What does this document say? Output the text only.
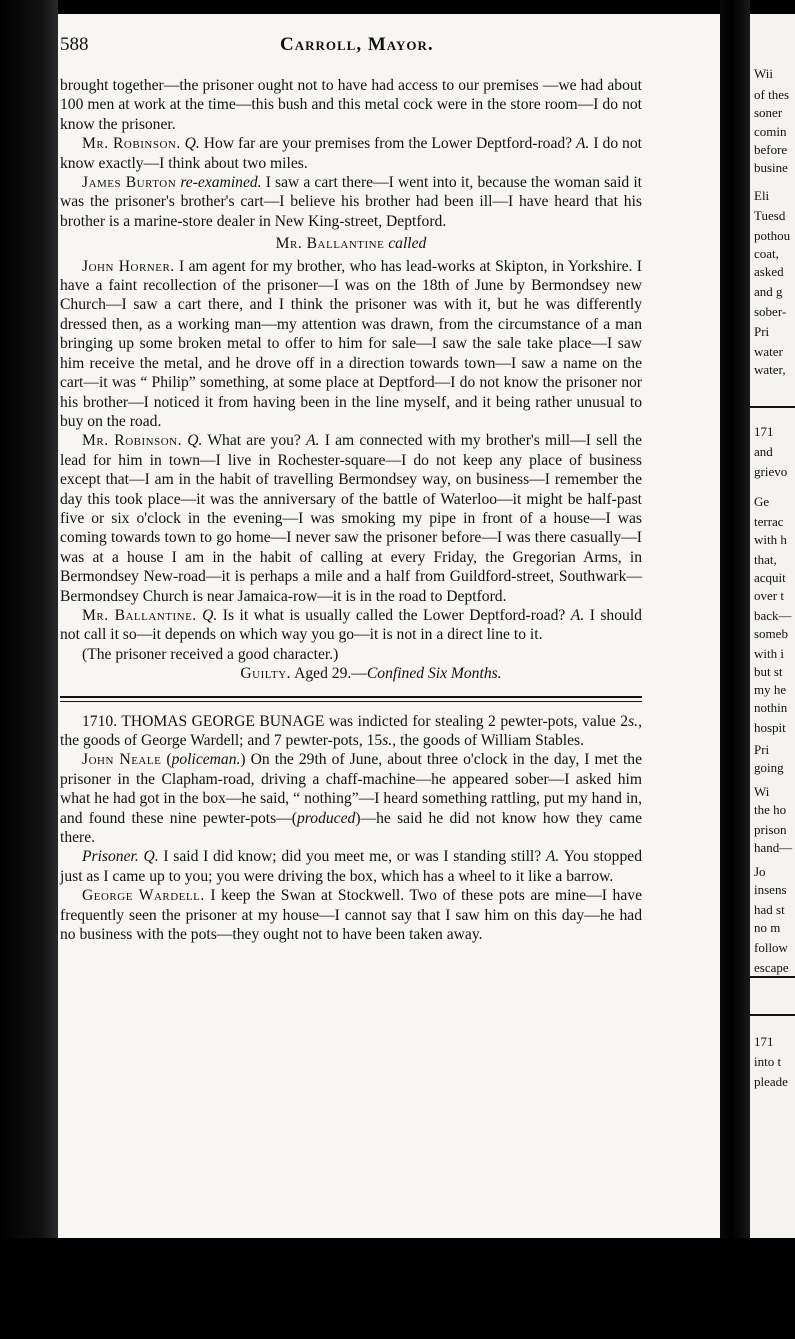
588	Carroll, Mayor.

brought together—the prisoner ought not to have had access to our premises —we had about 100 men at work at the time—this bush and this metal cock were in the store room—I do not know the prisoner.

Mr. Robinson. Q. How far are your premises from the Lower Deptford-road? A. I do not know exactly—I think about two miles.

James Burton re-examined. I saw a cart there—I went into it, because the woman said it was the prisoner's brother's cart—I believe his brother had been ill—I have heard that his brother is a marine-store dealer in New King-street, Deptford.

Mr. Ballantine called

John Horner. I am agent for my brother, who has lead-works at Skipton, in Yorkshire. I have a faint recollection of the prisoner—I was on the 18th of June by Bermondsey new Church—I saw a cart there, and I think the prisoner was with it, but he was differently dressed then, as a working man—my attention was drawn, from the circumstance of a man bringing up some broken metal to offer to him for sale—I saw the sale take place—I saw him receive the metal, and he drove off in a direction towards town—I saw a name on the cart—it was “ Philip” something, at some place at Deptford—I do not know the prisoner nor his brother—I noticed it from having been in the line myself, and it being rather unusual to buy on the road.

Mr. Robinson. Q. What are you? A. I am connected with my brother's mill—I sell the lead for him in town—I live in Rochester-square—I do not keep any place of business except that—I am in the habit of travelling Bermondsey way, on business—I remember the day this took place—it was the anniversary of the battle of Waterloo—it might be half-past five or six o'clock in the evening—I was smoking my pipe in front of a house—I was coming towards town to go home—I never saw the prisoner before—I was there casually—I was at a house I am in the habit of calling at every Friday, the Gregorian Arms, in Bermondsey New-road—it is perhaps a mile and a half from Guildford-street, Southwark—Bermondsey Church is near Jamaica-row—it is in the road to Deptford.

Mr. Ballantine. Q. Is it what is usually called the Lower Deptford-road? A. I should not call it so—it depends on which way you go—it is not in a direct line to it.

(The prisoner received a good character.)

Guilty. Aged 29.—Confined Six Months.

1710. THOMAS GEORGE BUNAGE was indicted for stealing 2 pewter-pots, value 2s., the goods of George Wardell; and 7 pewter-pots, 15s., the goods of William Stables.

John Neale (policeman.) On the 29th of June, about three o'clock in the day, I met the prisoner in the Clapham-road, driving a chaff-machine—he appeared sober—I asked him what he had got in the box—he said, “ nothing”—I heard something rattling, put my hand in, and found these nine pewter-pots—(produced)—he said he did not know how they came there.

Prisoner. Q. I said I did know; did you meet me, or was I standing still? A. You stopped just as I came up to you; you were driving the box, which has a wheel to it like a barrow.

George Wardell. I keep the Swan at Stockwell. Two of these pots are mine—I have frequently seen the prisoner at my house—I cannot say that I saw him on this day—he had no business with the pots—they ought not to have been taken away.

Wii
of thes
soner
comin
before
busine
Eli
Tuesd
pothou
coat,
asked
and g
sober-
Pri
water
water,
171
and
grievo
Ge
terrac
with h
that,
acquit
over t
back—
someb
with i
but st
my he
nothin
hospit
Pri
going
Wi
the ho
prison
hand—
Jo
insens
had st
no m
follow
escape
171
into t
pleade
